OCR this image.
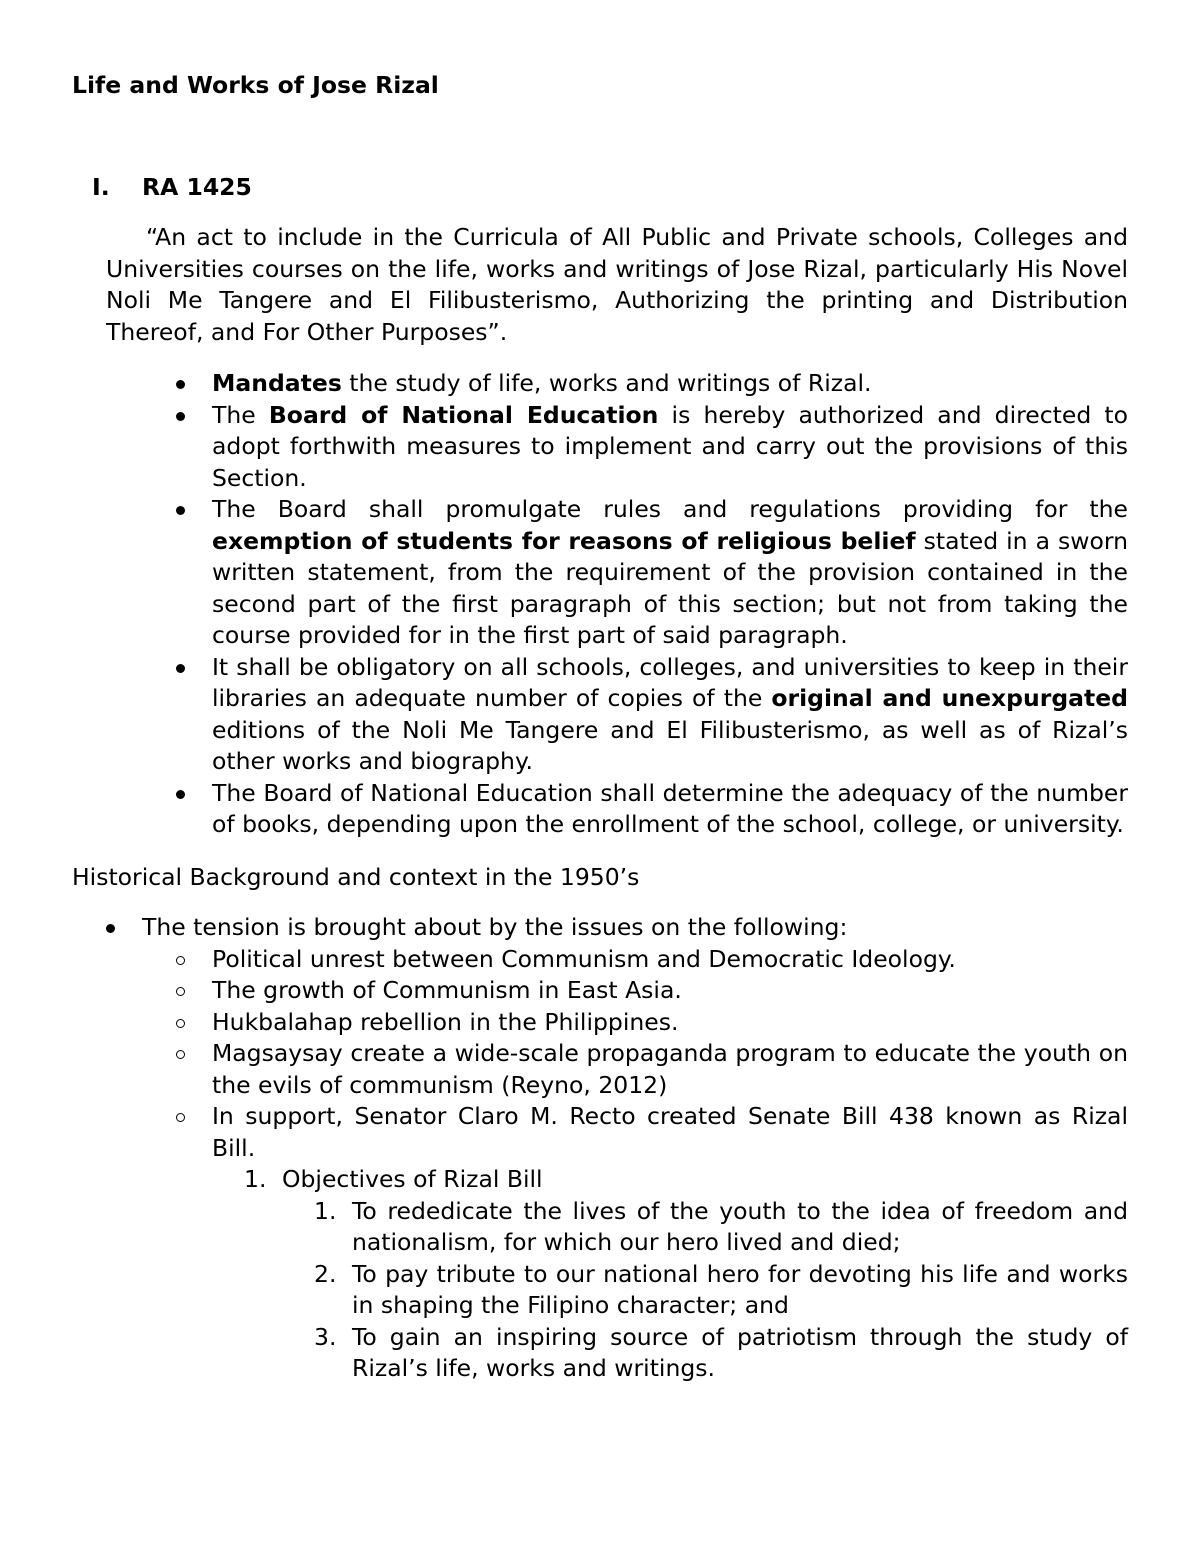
Life and Works of Jose Rizal
I. RA 1425
“An act to include in the Curricula of All Public and Private schools, Colleges and Universities courses on the life, works and writings of Jose Rizal, particularly His Novel Noli Me Tangere and El Filibusterismo, Authorizing the printing and Distribution Thereof, and For Other Purposes”.
Mandates the study of life, works and writings of Rizal.
The Board of National Education is hereby authorized and directed to adopt forthwith measures to implement and carry out the provisions of this Section.
The Board shall promulgate rules and regulations providing for the exemption of students for reasons of religious belief stated in a sworn written statement, from the requirement of the provision contained in the second part of the first paragraph of this section; but not from taking the course provided for in the first part of said paragraph.
It shall be obligatory on all schools, colleges, and universities to keep in their libraries an adequate number of copies of the original and unexpurgated editions of the Noli Me Tangere and El Filibusterismo, as well as of Rizal’s other works and biography.
The Board of National Education shall determine the adequacy of the number of books, depending upon the enrollment of the school, college, or university.
Historical Background and context in the 1950’s
The tension is brought about by the issues on the following:
Political unrest between Communism and Democratic Ideology.
The growth of Communism in East Asia.
Hukbalahap rebellion in the Philippines.
Magsaysay create a wide-scale propaganda program to educate the youth on the evils of communism (Reyno, 2012)
In support, Senator Claro M. Recto created Senate Bill 438 known as Rizal Bill.
1. Objectives of Rizal Bill
1. To rededicate the lives of the youth to the idea of freedom and nationalism, for which our hero lived and died;
2. To pay tribute to our national hero for devoting his life and works in shaping the Filipino character; and
3. To gain an inspiring source of patriotism through the study of Rizal’s life, works and writings.
